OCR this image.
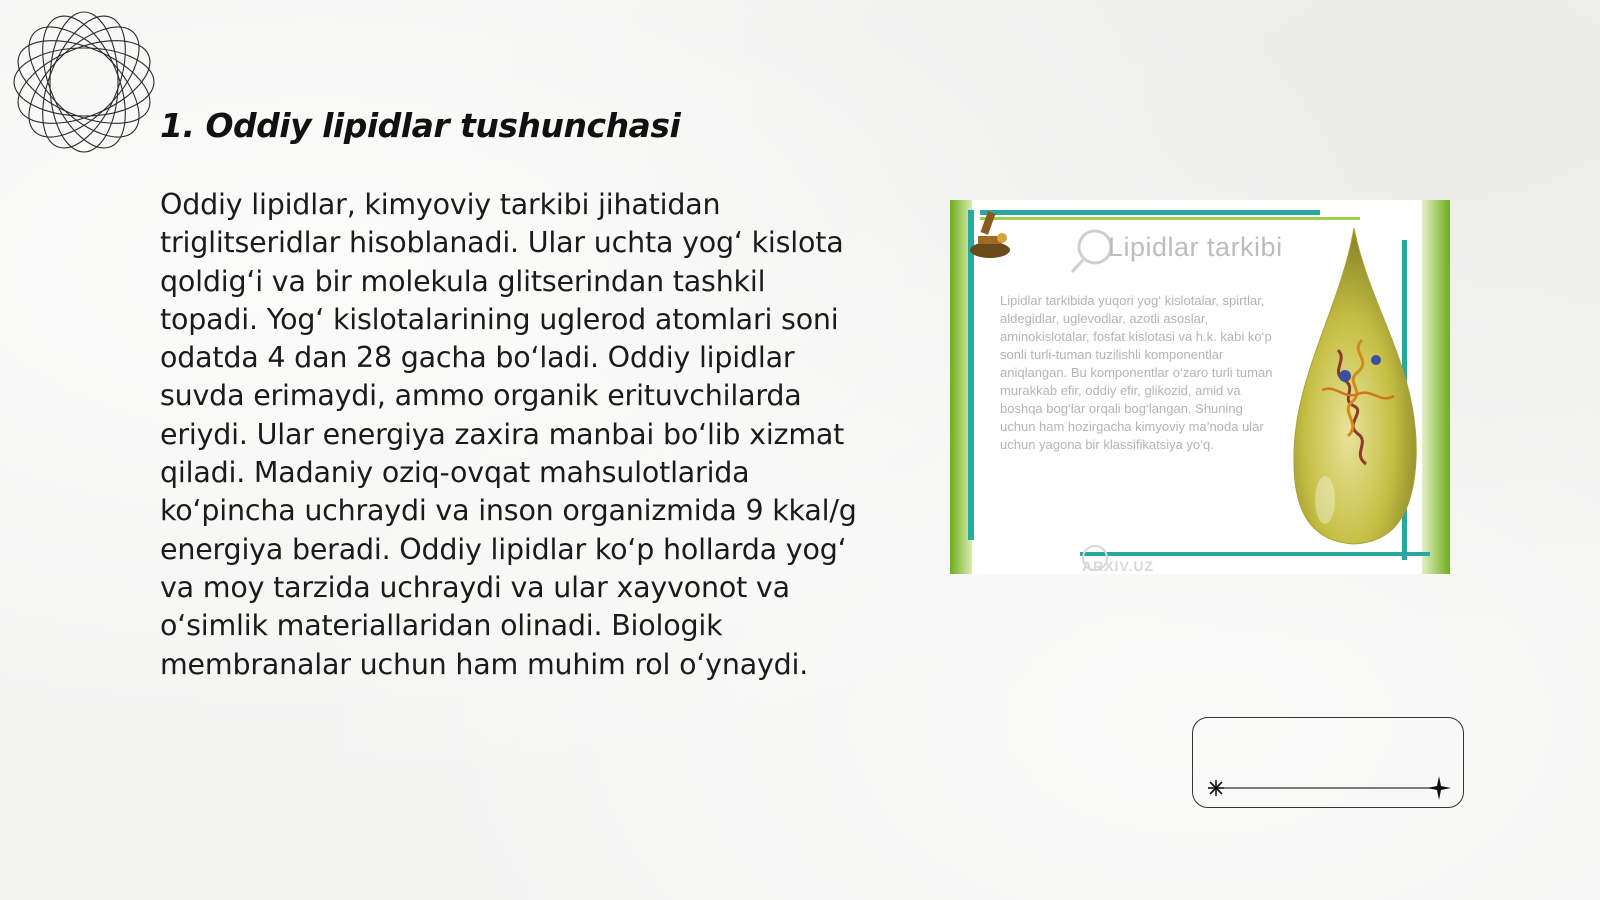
1. Oddiy lipidlar tushunchasi

Oddiy lipidlar, kimyoviy tarkibi jihatidan triglitseridlar hisoblanadi. Ular uchta yog‘ kislota qoldig‘i va bir molekula glitserindan tashkil topadi. Yog‘ kislotalarining uglerod atomlari soni odatda 4 dan 28 gacha bo‘ladi. Oddiy lipidlar suvda erimaydi, ammo organik erituvchilarda eriydi. Ular energiya zaxira manbai bo‘lib xizmat qiladi. Madaniy oziq-ovqat mahsulotlarida ko‘pincha uchraydi va inson organizmida 9 kkal/g energiya beradi. Oddiy lipidlar ko‘p hollarda yog‘ va moy tarzida uchraydi va ular xayvonot va o‘simlik materiallaridan olinadi. Biologik membranalar uchun ham muhim rol o‘ynaydi.

Lipidlar tarkibi
Lipidlar tarkibida yuqori yog‘ kislotalar, spirtlar, aldegidlar, uglevodlar, azotli asoslar, aminokislotalar, fosfat kislotasi va h.k. kabi ko‘p sonli turli-tuman tuzilishli komponentlar aniqlangan. Bu komponentlar o‘zaro turli tuman murakkab efir, oddiy efir, glikozid, amid va boshqa bog‘lar orqali bog‘langan. Shuning uchun ham hozirgacha kimyoviy ma’noda ular uchun yagona bir klassifikatsiya yo‘q.
ARXIV.UZ
